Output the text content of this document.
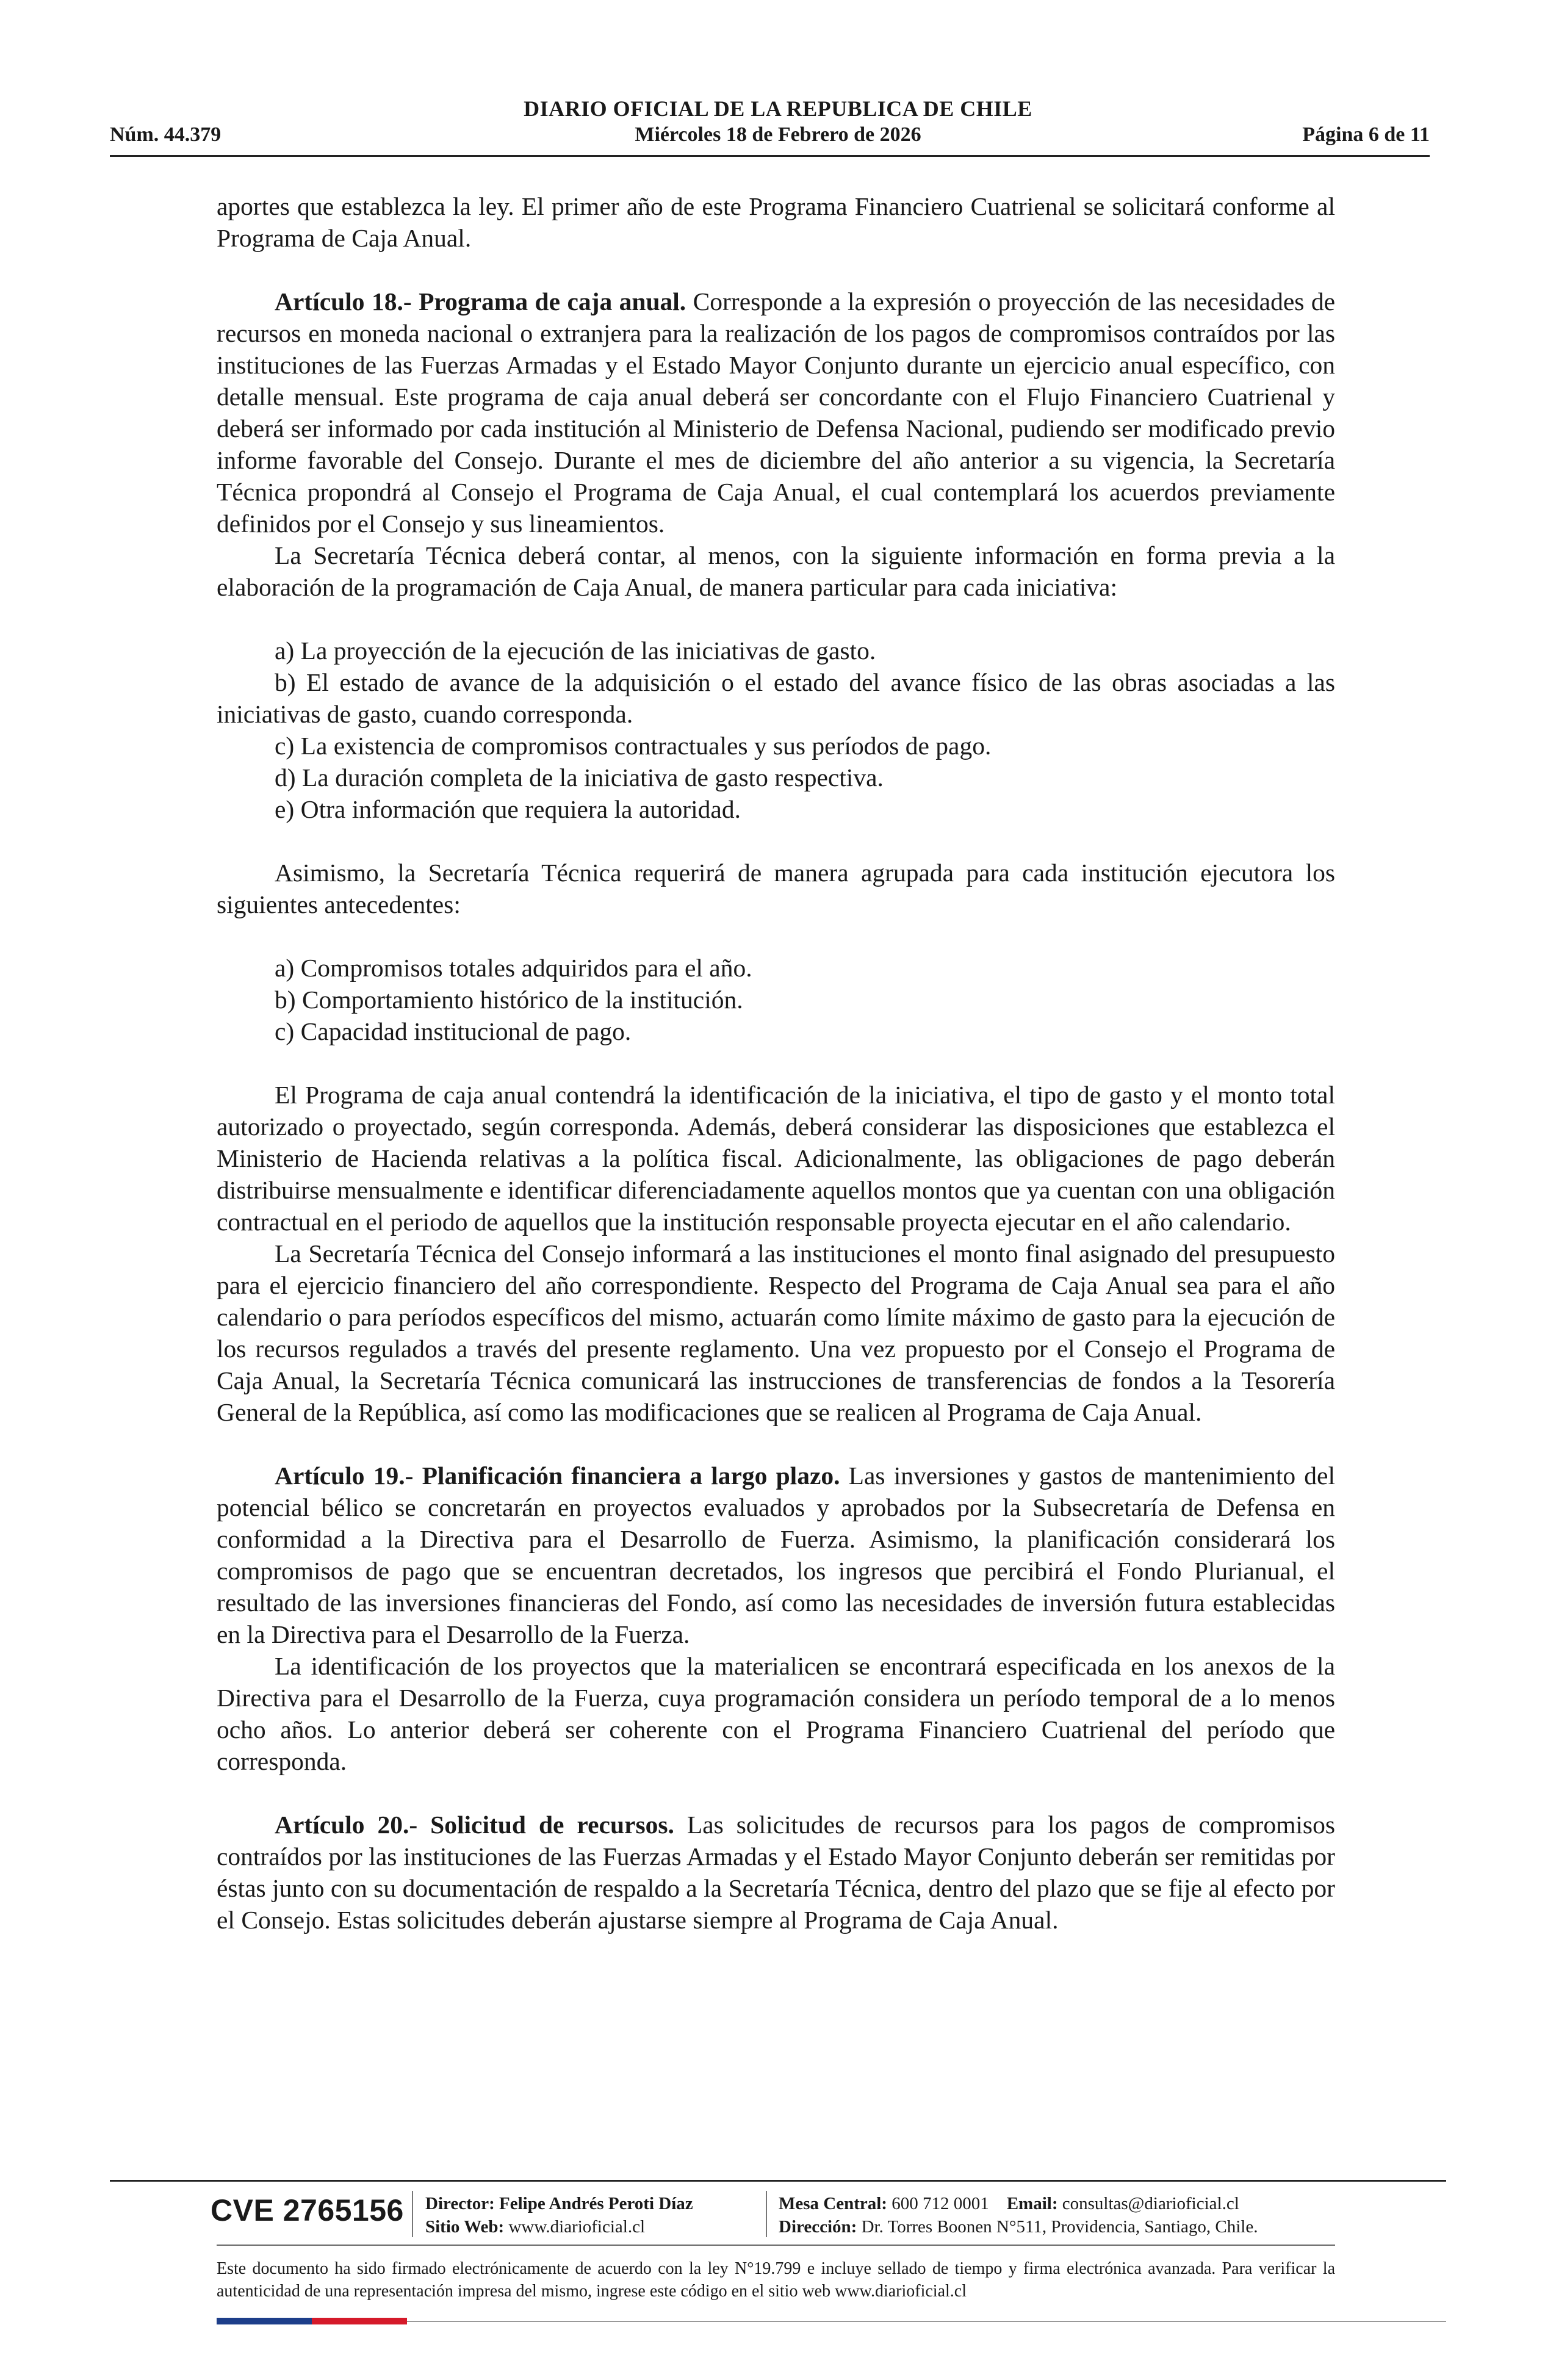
DIARIO OFICIAL DE LA REPUBLICA DE CHILE
Núm. 44.379	Miércoles 18 de Febrero de 2026	Página 6 de 11

aportes que establezca la ley. El primer año de este Programa Financiero Cuatrienal se solicitará conforme al Programa de Caja Anual.

Artículo 18.- Programa de caja anual. Corresponde a la expresión o proyección de las necesidades de recursos en moneda nacional o extranjera para la realización de los pagos de compromisos contraídos por las instituciones de las Fuerzas Armadas y el Estado Mayor Conjunto durante un ejercicio anual específico, con detalle mensual. Este programa de caja anual deberá ser concordante con el Flujo Financiero Cuatrienal y deberá ser informado por cada institución al Ministerio de Defensa Nacional, pudiendo ser modificado previo informe favorable del Consejo. Durante el mes de diciembre del año anterior a su vigencia, la Secretaría Técnica propondrá al Consejo el Programa de Caja Anual, el cual contemplará los acuerdos previamente definidos por el Consejo y sus lineamientos.

La Secretaría Técnica deberá contar, al menos, con la siguiente información en forma previa a la elaboración de la programación de Caja Anual, de manera particular para cada iniciativa:

a) La proyección de la ejecución de las iniciativas de gasto.

b) El estado de avance de la adquisición o el estado del avance físico de las obras asociadas a las iniciativas de gasto, cuando corresponda.

c) La existencia de compromisos contractuales y sus períodos de pago.

d) La duración completa de la iniciativa de gasto respectiva.

e) Otra información que requiera la autoridad.

Asimismo, la Secretaría Técnica requerirá de manera agrupada para cada institución ejecutora los siguientes antecedentes:

a) Compromisos totales adquiridos para el año.

b) Comportamiento histórico de la institución.

c) Capacidad institucional de pago.

El Programa de caja anual contendrá la identificación de la iniciativa, el tipo de gasto y el monto total autorizado o proyectado, según corresponda. Además, deberá considerar las disposiciones que establezca el Ministerio de Hacienda relativas a la política fiscal. Adicionalmente, las obligaciones de pago deberán distribuirse mensualmente e identificar diferenciadamente aquellos montos que ya cuentan con una obligación contractual en el periodo de aquellos que la institución responsable proyecta ejecutar en el año calendario.

La Secretaría Técnica del Consejo informará a las instituciones el monto final asignado del presupuesto para el ejercicio financiero del año correspondiente. Respecto del Programa de Caja Anual sea para el año calendario o para períodos específicos del mismo, actuarán como límite máximo de gasto para la ejecución de los recursos regulados a través del presente reglamento. Una vez propuesto por el Consejo el Programa de Caja Anual, la Secretaría Técnica comunicará las instrucciones de transferencias de fondos a la Tesorería General de la República, así como las modificaciones que se realicen al Programa de Caja Anual.

Artículo 19.- Planificación financiera a largo plazo. Las inversiones y gastos de mantenimiento del potencial bélico se concretarán en proyectos evaluados y aprobados por la Subsecretaría de Defensa en conformidad a la Directiva para el Desarrollo de Fuerza. Asimismo, la planificación considerará los compromisos de pago que se encuentran decretados, los ingresos que percibirá el Fondo Plurianual, el resultado de las inversiones financieras del Fondo, así como las necesidades de inversión futura establecidas en la Directiva para el Desarrollo de la Fuerza.

La identificación de los proyectos que la materialicen se encontrará especificada en los anexos de la Directiva para el Desarrollo de la Fuerza, cuya programación considera un período temporal de a lo menos ocho años. Lo anterior deberá ser coherente con el Programa Financiero Cuatrienal del período que corresponda.

Artículo 20.- Solicitud de recursos. Las solicitudes de recursos para los pagos de compromisos contraídos por las instituciones de las Fuerzas Armadas y el Estado Mayor Conjunto deberán ser remitidas por éstas junto con su documentación de respaldo a la Secretaría Técnica, dentro del plazo que se fije al efecto por el Consejo. Estas solicitudes deberán ajustarse siempre al Programa de Caja Anual.

CVE 2765156 Director: Felipe Andrés Peroti Díaz
Sitio Web: www.diarioficial.cl
Mesa Central: 600 712 0001 Email: consultas@diarioficial.cl
Dirección: Dr. Torres Boonen N°511, Providencia, Santiago, Chile.
Este documento ha sido firmado electrónicamente de acuerdo con la ley N°19.799 e incluye sellado de tiempo y firma electrónica avanzada. Para verificar la autenticidad de una representación impresa del mismo, ingrese este código en el sitio web www.diarioficial.cl
